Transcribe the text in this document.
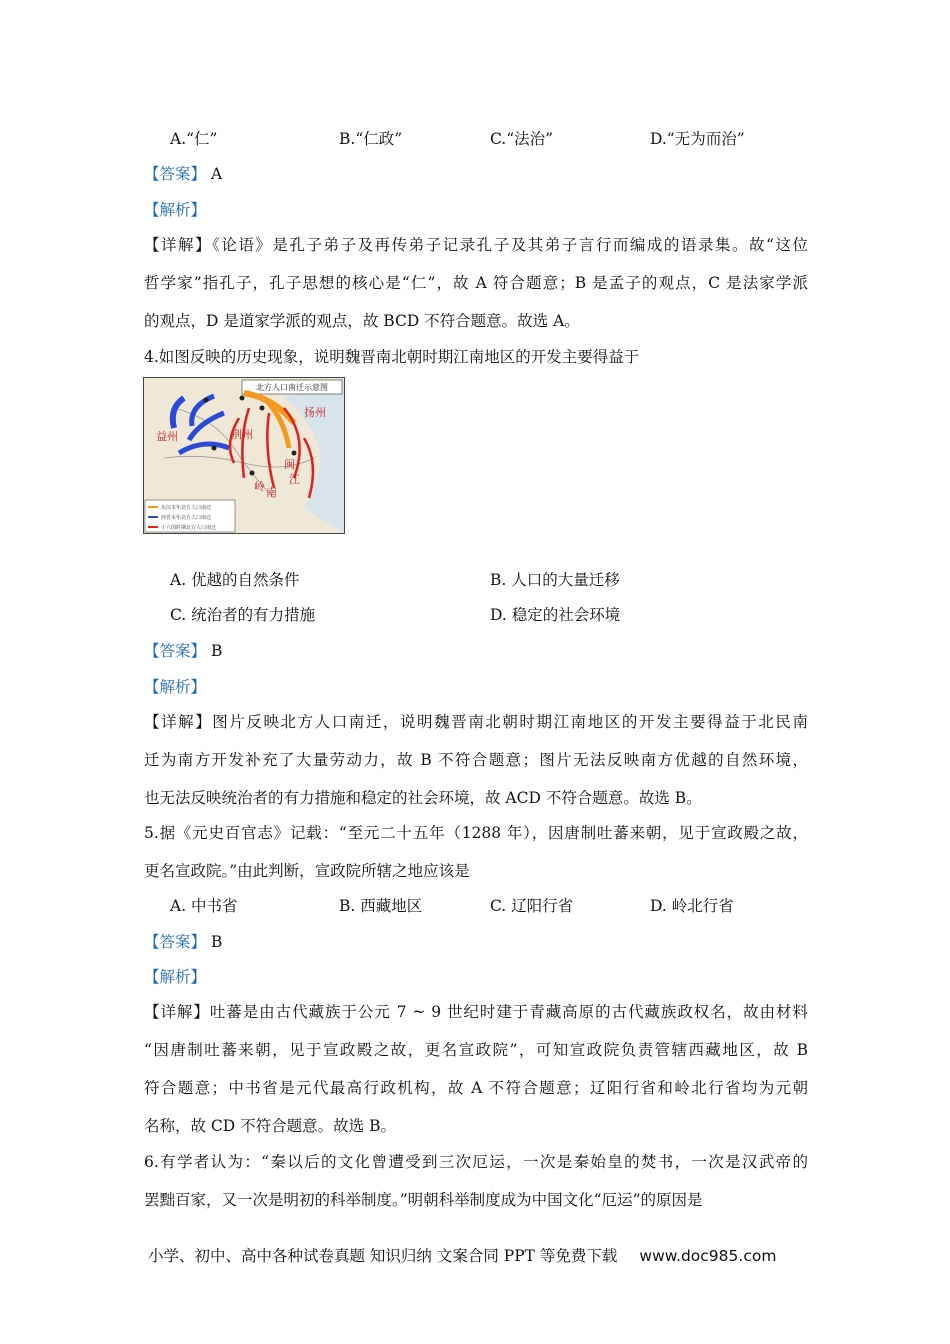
A.“仁”	B.“仁政”	C.“法治”	D.“无为而治”
【答案】 A
【解析】
【详解】《论语》是孔子弟子及再传弟子记录孔子及其弟子言行而编成的语录集。故“这位
哲学家”指孔子，孔子思想的核心是“仁”，故 A 符合题意；B 是孟子的观点，C 是法家学派
的观点，D 是道家学派的观点，故 BCD 不符合题意。故选 A。
4.如图反映的历史现象，说明魏晋南北朝时期江南地区的开发主要得益于
北方人口南迁示意图
益州	荆州
扬州
闽
江
岭 南
东汉末年北方人口南迁
西晋末年北方人口南迁
十六国时期北方人口南迁
A. 优越的自然条件	B. 人口的大量迁移
C. 统治者的有力措施	D. 稳定的社会环境
【答案】 B
【解析】
【详解】图片反映北方人口南迁，说明魏晋南北朝时期江南地区的开发主要得益于北民南
迁为南方开发补充了大量劳动力，故 B 不符合题意；图片无法反映南方优越的自然环境，
也无法反映统治者的有力措施和稳定的社会环境，故 ACD 不符合题意。故选 B。
5.据《元史百官志》记载：“至元二十五年（1288 年），因唐制吐蕃来朝，见于宣政殿之故，
更名宣政院。”由此判断，宣政院所辖之地应该是
A. 中书省	B. 西藏地区	C. 辽阳行省	D. 岭北行省
【答案】 B
【解析】
【详解】吐蕃是由古代藏族于公元 7 ~ 9 世纪时建于青藏高原的古代藏族政权名，故由材料
“因唐制吐蕃来朝，见于宣政殿之故，更名宣政院”，可知宣政院负责管辖西藏地区，故 B
符合题意；中书省是元代最高行政机构，故 A 不符合题意；辽阳行省和岭北行省均为元朝
名称，故 CD 不符合题意。故选 B。
6.有学者认为：“秦以后的文化曾遭受到三次厄运，一次是秦始皇的焚书，一次是汉武帝的
罢黜百家，又一次是明初的科举制度。”明朝科举制度成为中国文化“厄运”的原因是
小学、初中、高中各种试卷真题 知识归纳 文案合同 PPT 等免费下载 www.doc985.com
